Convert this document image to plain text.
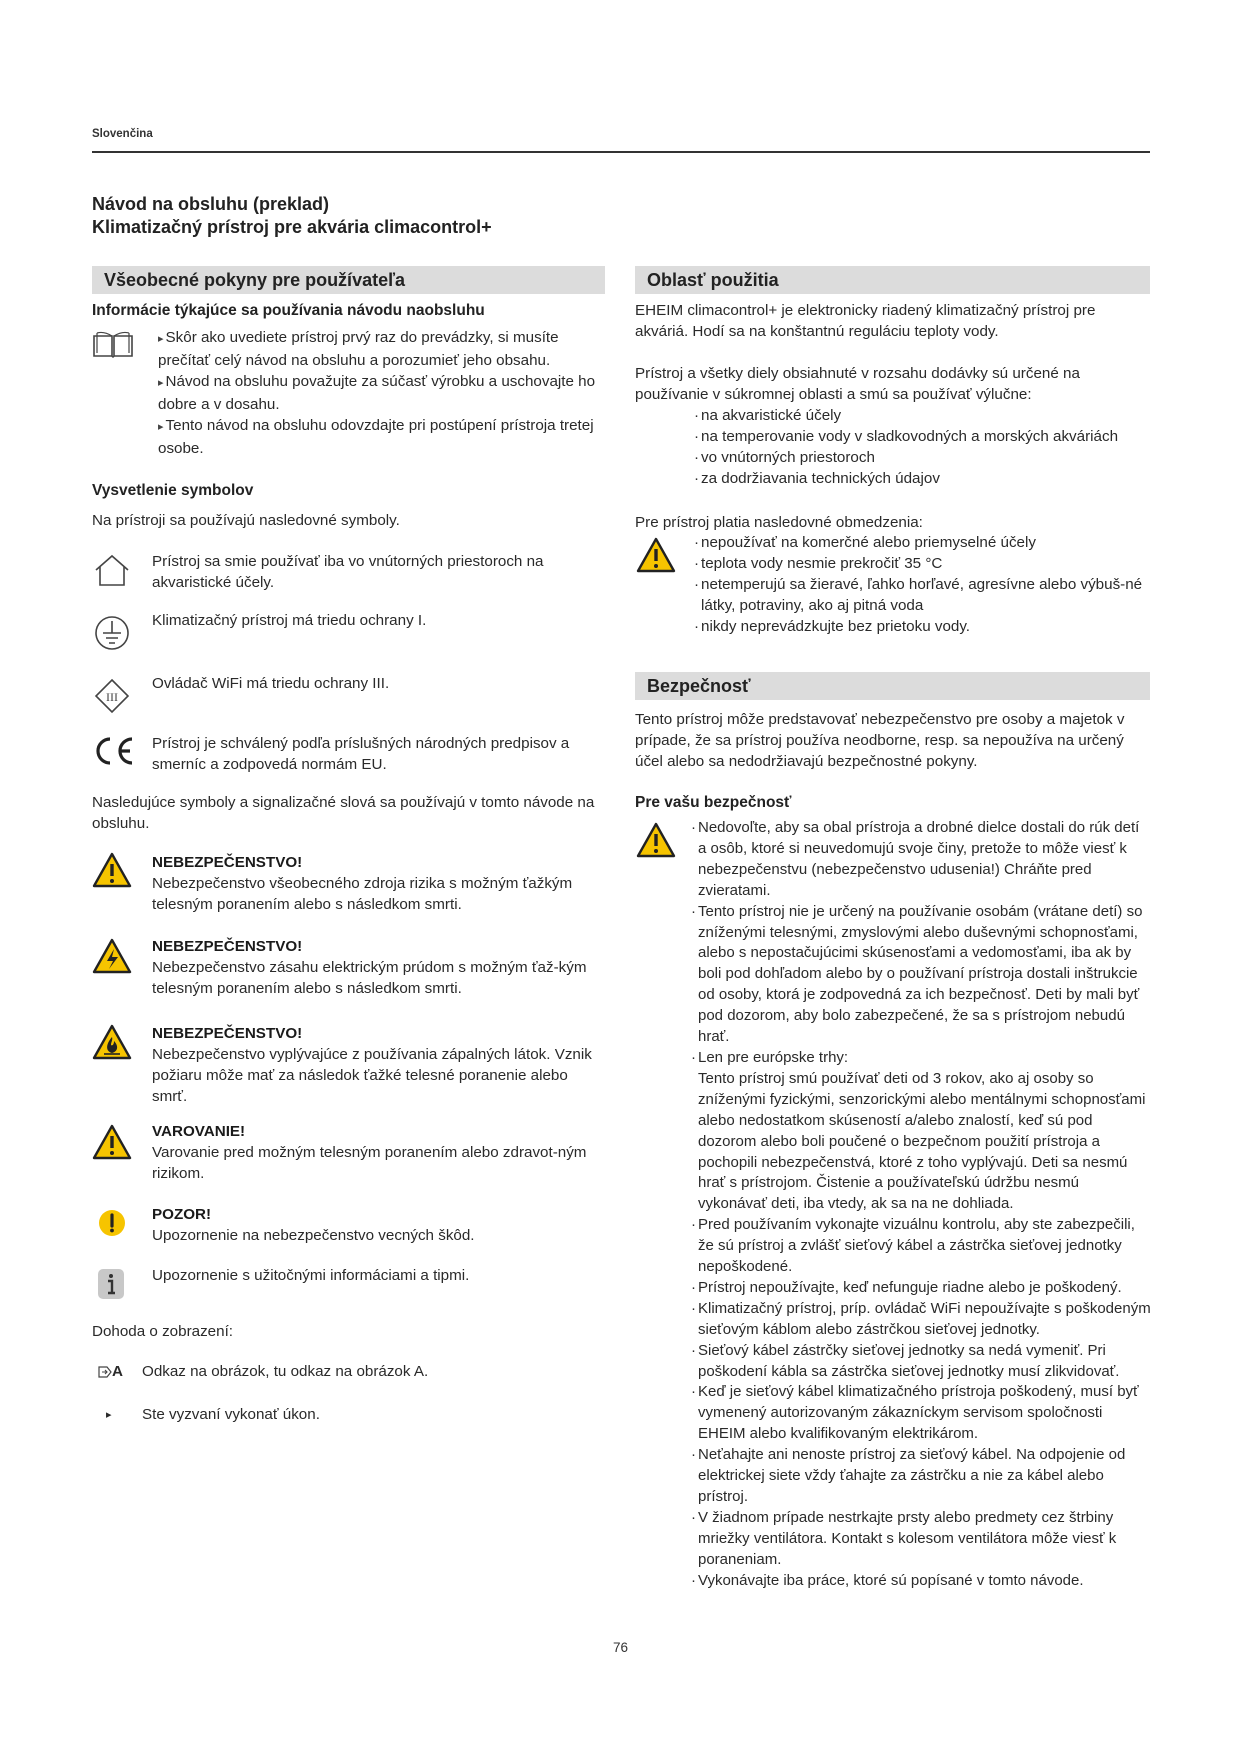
Slovenčina
Návod na obsluhu (preklad)
Klimatizačný prístroj pre akvária climacontrol+
Všeobecné pokyny pre používateľa
Informácie týkajúce sa používania návodu naobsluhu

▸ Skôr ako uvediete prístroj prvý raz do prevádzky, si musíte prečítať celý návod na obsluhu a porozumieť jeho obsahu.

▸ Návod na obsluhu považujte za súčasť výrobku a uschovajte ho dobre a v dosahu.

▸ Tento návod na obsluhu odovzdajte pri postúpení prístroja tretej osobe.

Vysvetlenie symbolov
Na prístroji sa používajú nasledovné symboly.
Prístroj sa smie používať iba vo vnútorných priestoroch na akvaristické účely.
Klimatizačný prístroj má triedu ochrany I.
III
Ovládač WiFi má triedu ochrany III.
Prístroj je schválený podľa príslušných národných predpisov a smerníc a zodpovedá normám EU.
Nasledujúce symboly a signalizačné slová sa používajú v tomto návode na obsluhu.

NEBEZPEČENSTVO!

Nebezpečenstvo všeobecného zdroja rizika s možným ťažkým telesným poranením alebo s následkom smrti.

NEBEZPEČENSTVO!

Nebezpečenstvo zásahu elektrickým prúdom s možným ťaž-kým telesným poranením alebo s následkom smrti.

NEBEZPEČENSTVO!

Nebezpečenstvo vyplývajúce z používania zápalných látok. Vznik požiaru môže mať za následok ťažké telesné poranenie alebo smrť.

VAROVANIE!

Varovanie pred možným telesným poranením alebo zdravot-ným rizikom.

POZOR!

Upozornenie na nebezpečenstvo vecných škôd.

Upozornenie s užitočnými informáciami a tipmi.
Dohoda o zobrazení:
A Odkaz na obrázok, tu odkaz na obrázok A.
▸ Ste vyzvaní vykonať úkon.
Oblasť použitia
EHEIM climacontrol+ je elektronicky riadený klimatizačný prístroj pre akváriá. Hodí sa na konštantnú reguláciu teploty vody.
Prístroj a všetky diely obsiahnuté v rozsahu dodávky sú určené na používanie v súkromnej oblasti a smú sa používať výlučne:
· na akvaristické účely
· na temperovanie vody v sladkovodných a morských akváriách
· vo vnútorných priestoroch
· za dodržiavania technických údajov
Pre prístroj platia nasledovné obmedzenia:
· nepoužívať na komerčné alebo priemyselné účely
· teplota vody nesmie prekročiť 35 °C
· netemperujú sa žieravé, ľahko horľavé, agresívne alebo výbuš-né látky, potraviny, ako aj pitná voda
· nikdy neprevádzkujte bez prietoku vody.
Bezpečnosť
Tento prístroj môže predstavovať nebezpečenstvo pre osoby a majetok v prípade, že sa prístroj používa neodborne, resp. sa nepoužíva na určený účel alebo sa nedodržiavajú bezpečnostné pokyny.
Pre vašu bezpečnosť
· Nedovoľte, aby sa obal prístroja a drobné dielce dostali do rúk detí a osôb, ktoré si neuvedomujú svoje činy, pretože to môže viesť k nebezpečenstvu (nebezpečenstvo udusenia!) Chráňte pred zvieratami.
· Tento prístroj nie je určený na používanie osobám (vrátane detí) so zníženými telesnými, zmyslovými alebo duševnými schopnosťami, alebo s nepostačujúcimi skúsenosťami a vedomosťami, iba ak by boli pod dohľadom alebo by o používaní prístroja dostali inštrukcie od osoby, ktorá je zodpovedná za ich bezpečnosť. Deti by mali byť pod dozorom, aby bolo zabezpečené, že sa s prístrojom nebudú hrať.
· Len pre európske trhy:
Tento prístroj smú používať deti od 3 rokov, ako aj osoby so zníženými fyzickými, senzorickými alebo mentálnymi schopnosťami alebo nedostatkom skúseností a/alebo znalostí, keď sú pod dozorom alebo boli poučené o bezpečnom použití prístroja a pochopili nebezpečenstvá, ktoré z toho vyplývajú. Deti sa nesmú hrať s prístrojom. Čistenie a používateľskú údržbu nesmú vykonávať deti, iba vtedy, ak sa na ne dohliada.
· Pred používaním vykonajte vizuálnu kontrolu, aby ste zabezpečili, že sú prístroj a zvlášť sieťový kábel a zástrčka sieťovej jednotky nepoškodené.
· Prístroj nepoužívajte, keď nefunguje riadne alebo je poškodený.
· Klimatizačný prístroj, príp. ovládač WiFi nepoužívajte s poškodeným sieťovým káblom alebo zástrčkou sieťovej jednotky.
· Sieťový kábel zástrčky sieťovej jednotky sa nedá vymeniť. Pri poškodení kábla sa zástrčka sieťovej jednotky musí zlikvidovať.
· Keď je sieťový kábel klimatizačného prístroja poškodený, musí byť vymenený autorizovaným zákazníckym servisom spoločnosti EHEIM alebo kvalifikovaným elektrikárom.
· Neťahajte ani nenoste prístroj za sieťový kábel. Na odpojenie od elektrickej siete vždy ťahajte za zástrčku a nie za kábel alebo prístroj.
· V žiadnom prípade nestrkajte prsty alebo predmety cez štrbiny mriežky ventilátora. Kontakt s kolesom ventilátora môže viesť k poraneniam.
· Vykonávajte iba práce, ktoré sú popísané v tomto návode.
76
